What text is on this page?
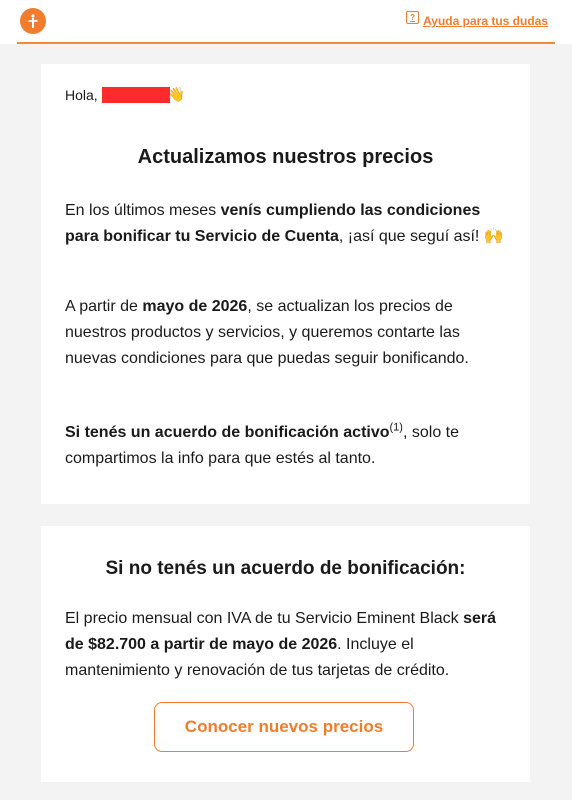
? Ayuda para tus dudas
Hola,	👋
Actualizamos nuestros precios

En los últimos meses venís cumpliendo las condiciones para bonificar tu Servicio de Cuenta, ¡así que seguí así! 🙌

A partir de mayo de 2026, se actualizan los precios de nuestros productos y servicios, y queremos contarte las nuevas condiciones para que puedas seguir bonificando.

Si tenés un acuerdo de bonificación activo$^{(1)}$, solo te compartimos la info para que estés al tanto.

Si no tenés un acuerdo de bonificación:

El precio mensual con IVA de tu Servicio Eminent Black será de $82.700 a partir de mayo de 2026. Incluye el mantenimiento y renovación de tus tarjetas de crédito.

Conocer nuevos precios
